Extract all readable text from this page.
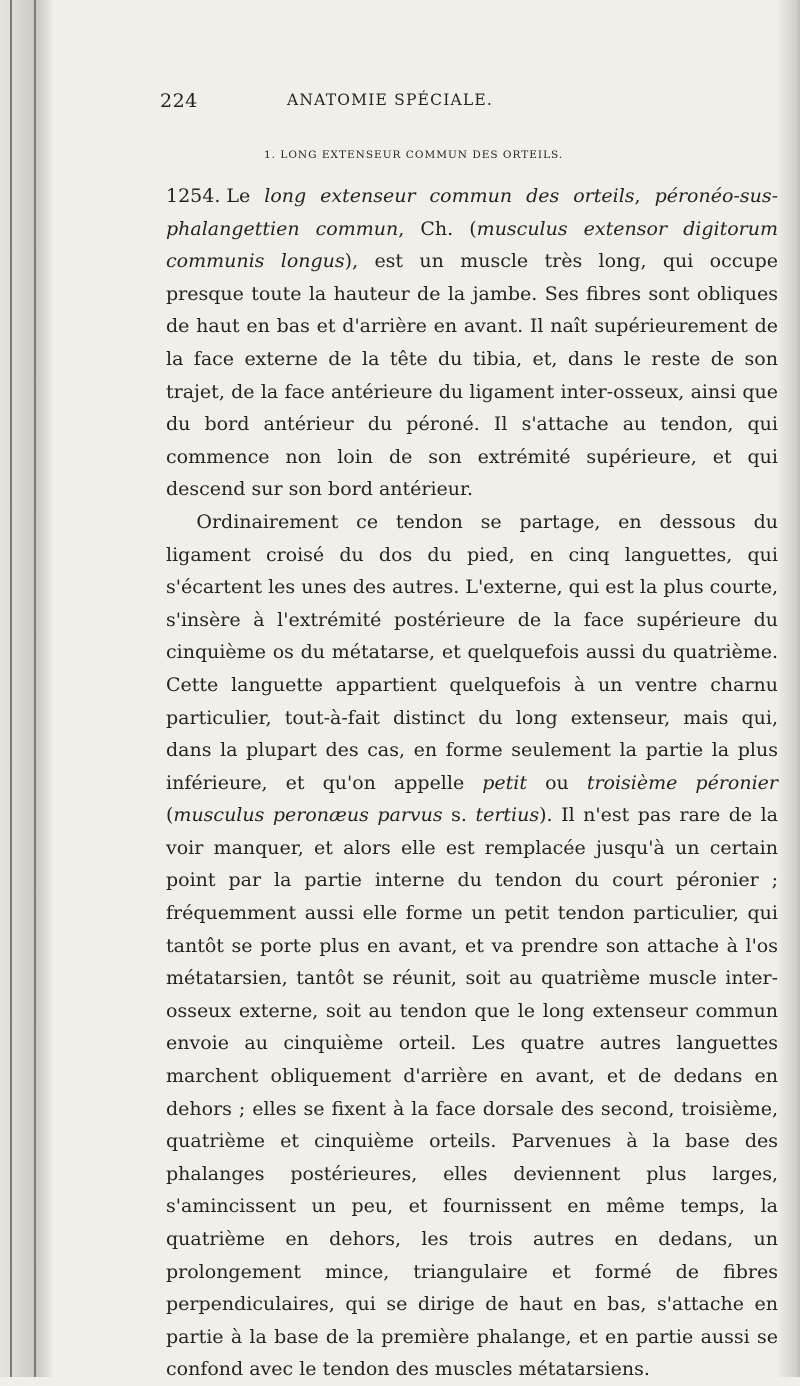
224	ANATOMIE SPÉCIALE.
1. LONG EXTENSEUR COMMUN DES ORTEILS.

1254. Le long extenseur commun des orteils, péronéo-sus-phalangettien commun, Ch. (musculus extensor digitorum communis longus), est un muscle très long, qui occupe presque toute la hauteur de la jambe. Ses fibres sont obliques de haut en bas et d'arrière en avant. Il naît supérieurement de la face externe de la tête du tibia, et, dans le reste de son trajet, de la face antérieure du ligament inter-osseux, ainsi que du bord antérieur du péroné. Il s'attache au tendon, qui commence non loin de son extrémité supérieure, et qui descend sur son bord antérieur.

Ordinairement ce tendon se partage, en dessous du ligament croisé du dos du pied, en cinq languettes, qui s'écartent les unes des autres. L'externe, qui est la plus courte, s'insère à l'extrémité postérieure de la face supérieure du cinquième os du métatarse, et quelquefois aussi du quatrième. Cette languette appartient quelquefois à un ventre charnu particulier, tout-à-fait distinct du long extenseur, mais qui, dans la plupart des cas, en forme seulement la partie la plus inférieure, et qu'on appelle petit ou troisième péronier (musculus peronæus parvus s. tertius). Il n'est pas rare de la voir manquer, et alors elle est remplacée jusqu'à un certain point par la partie interne du tendon du court péronier ; fréquemment aussi elle forme un petit tendon particulier, qui tantôt se porte plus en avant, et va prendre son attache à l'os métatarsien, tantôt se réunit, soit au quatrième muscle inter-osseux externe, soit au tendon que le long extenseur commun envoie au cinquième orteil. Les quatre autres languettes marchent obliquement d'arrière en avant, et de dedans en dehors ; elles se fixent à la face dorsale des second, troisième, quatrième et cinquième orteils. Parvenues à la base des phalanges postérieures, elles deviennent plus larges, s'amincissent un peu, et fournissent en même temps, la quatrième en dehors, les trois autres en dedans, un prolongement mince, triangulaire et formé de fibres perpendiculaires, qui se dirige de haut en bas, s'attache en partie à la base de la première phalange, et en partie aussi se confond avec le tendon des muscles métatarsiens.
